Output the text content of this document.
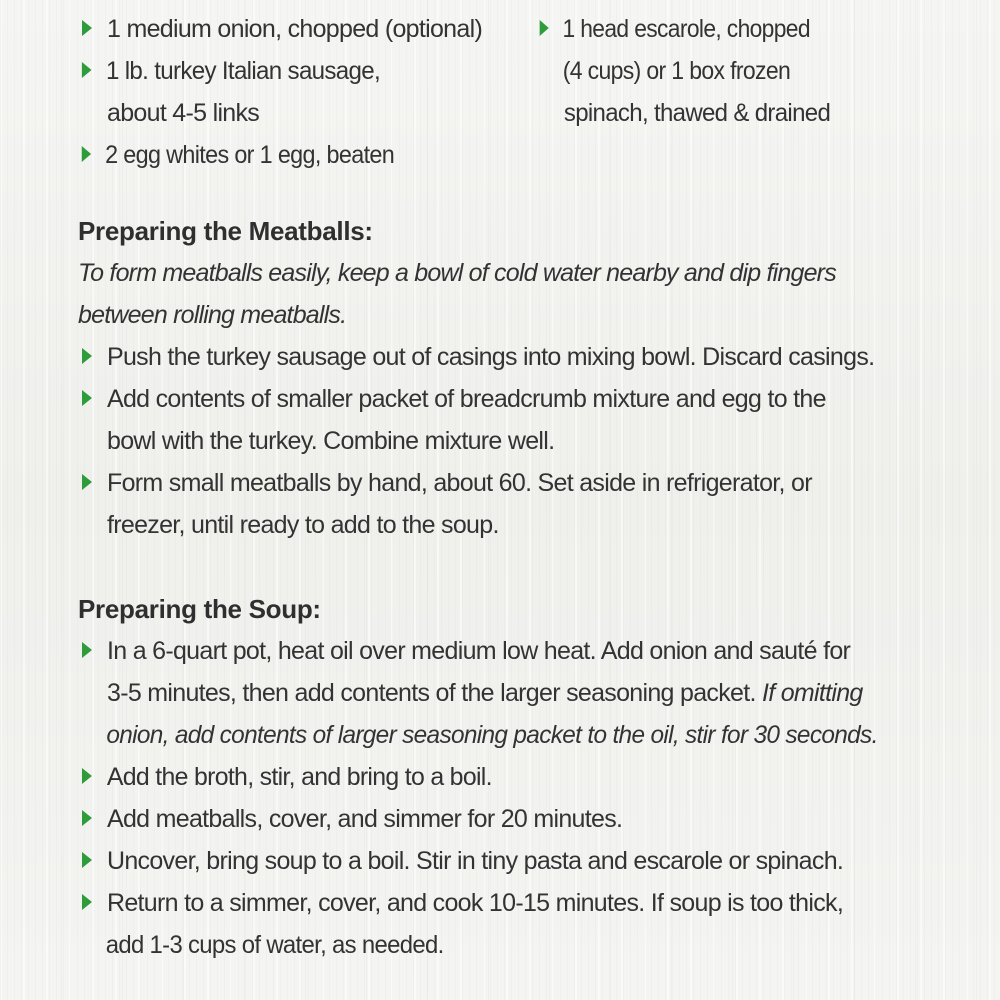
1 medium onion, chopped (optional)
1 lb. turkey Italian sausage,
about 4-5 links
2 egg whites or 1 egg, beaten
1 head escarole, chopped
(4 cups) or 1 box frozen
spinach, thawed & drained
Preparing the Meatballs:

To form meatballs easily, keep a bowl of cold water nearby and dip fingers

between rolling meatballs.

Push the turkey sausage out of casings into mixing bowl. Discard casings.
Add contents of smaller packet of breadcrumb mixture and egg to the
bowl with the turkey. Combine mixture well.
Form small meatballs by hand, about 60. Set aside in refrigerator, or
freezer, until ready to add to the soup.
Preparing the Soup:
In a 6-quart pot, heat oil over medium low heat. Add onion and sauté for
3-5 minutes, then add contents of the larger seasoning packet. If omitting
onion, add contents of larger seasoning packet to the oil, stir for 30 seconds.
Add the broth, stir, and bring to a boil.
Add meatballs, cover, and simmer for 20 minutes.
Uncover, bring soup to a boil. Stir in tiny pasta and escarole or spinach.
Return to a simmer, cover, and cook 10-15 minutes. If soup is too thick,
add 1-3 cups of water, as needed.
